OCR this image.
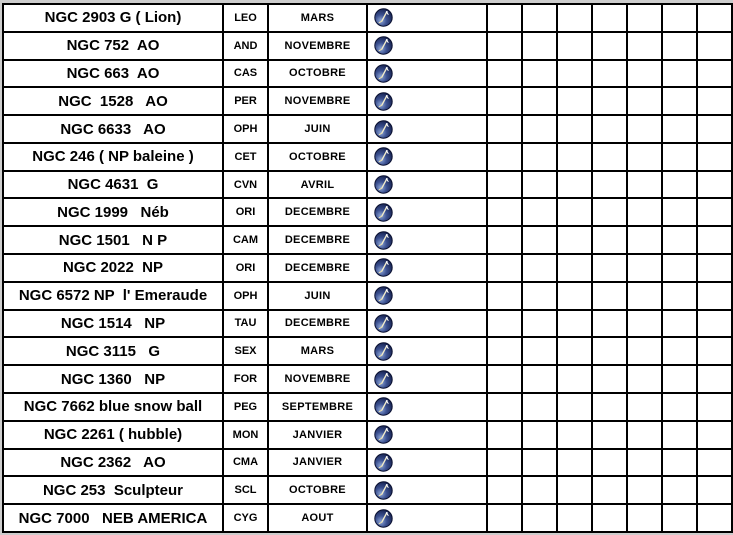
NGC 2903 G ( Lion)	LEO	MARS	

NGC 752  AO	AND	NOVEMBRE	

NGC 663  AO	CAS	OCTOBRE	

NGC  1528   AO	PER	NOVEMBRE	

NGC 6633   AO	OPH	JUIN	

NGC 246 ( NP baleine )	CET	OCTOBRE	

NGC 4631  G	CVN	AVRIL	

NGC 1999   Néb	ORI	DECEMBRE	

NGC 1501   N P	CAM	DECEMBRE	

NGC 2022  NP	ORI	DECEMBRE	

NGC 6572 NP  l' Emeraude	OPH	JUIN	

NGC 1514   NP	TAU	DECEMBRE	

NGC 3115   G	SEX	MARS	

NGC 1360   NP	FOR	NOVEMBRE	

NGC 7662 blue snow ball	PEG	SEPTEMBRE	

NGC 2261 ( hubble)	MON	JANVIER	

NGC 2362   AO	CMA	JANVIER	

NGC 253  Sculpteur	SCL	OCTOBRE	

NGC 7000   NEB AMERICA	CYG	AOUT	
